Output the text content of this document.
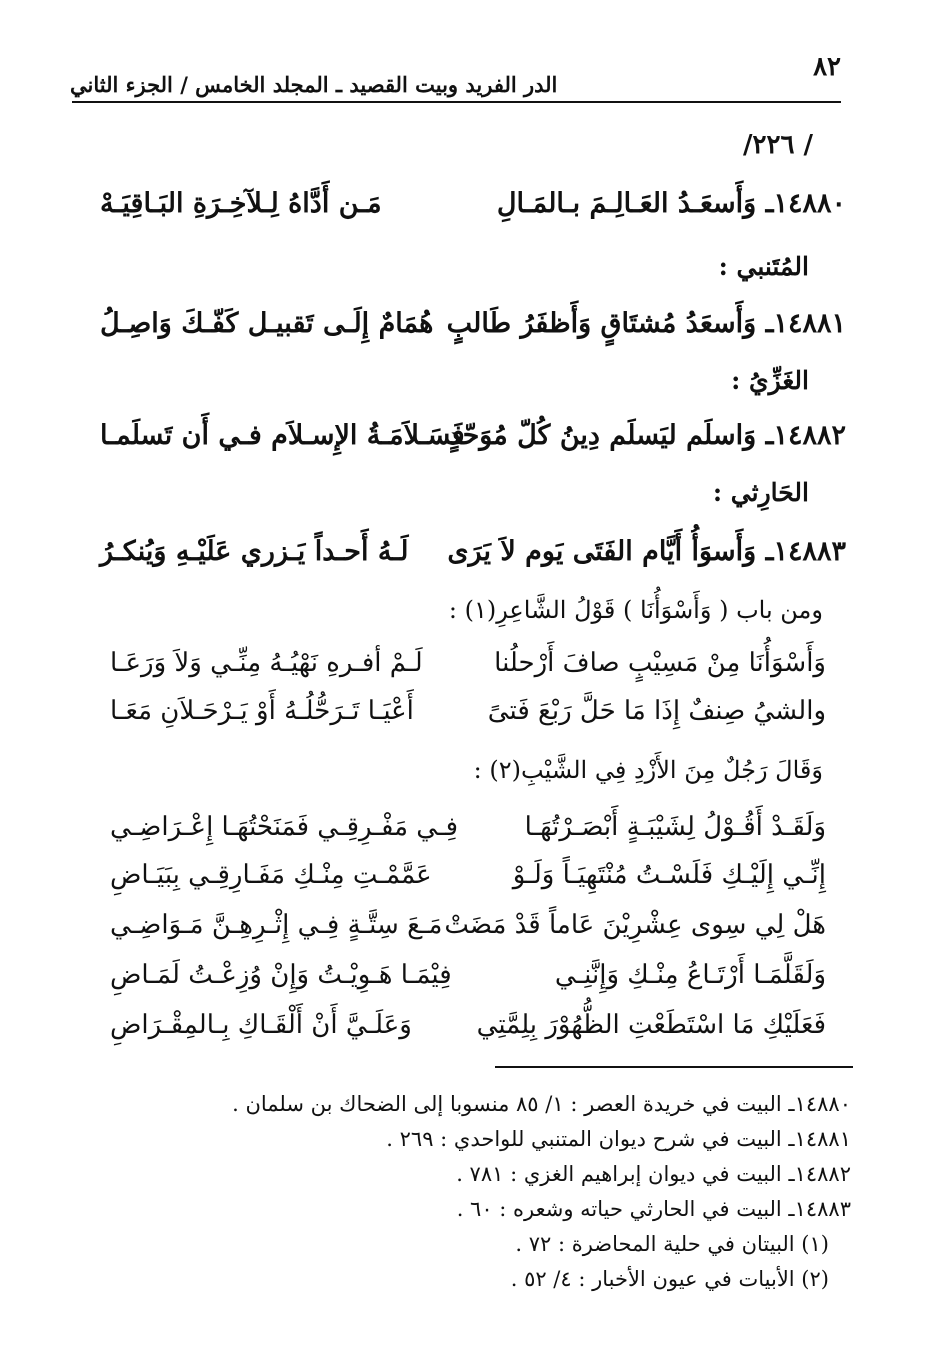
٨٢
الدر الفريد وبيت القصيد ـ المجلد الخامس / الجزء الثاني
/ ٢٢٦/
١٤٨٨٠ـ وَأَسعَـدُ العَـالِـمَ بـالمَـالِ
مَـن أَدَّاهُ لِـلآخِـرَةِ البَـاقِيَـهْ
المُتَنبي :
١٤٨٨١ـ وَأَسعَدُ مُشتَاقٍ وَأَظفَرُ طَالبٍ
هُمَامٌ إِلَـى تَقبيـل كَفّـكَ وَاصِـلُ
الغَزِّيُ :
١٤٨٨٢ـ وَاسلَم ليَسلَم دِينُ كُلّ مُوَحّدٍ
فَسَـلاَمَـةُ الإِسـلاَم فـي أَن تَسلَمـا
الحَارِثي :
١٤٨٨٣ـ وَأَسوَأُ أَيَّام الفَتَى يَوم لاَ يَرَى
لَـهُ أَحـداً يَـزري عَلَيْـهِ وَيُنكـرُ
ومن باب ( وَأَسْوَأُنَا ) قَوْلُ الشَّاعِرِ(١) :
وَأَسْوَأُنَا مِنْ مَسِيْبٍ صافَ أَرْحلُنا
لَـمْ أفـرهِ نَهْيُـهُ مِنِّـي وَلاَ وَرَعَـا
والشيُ صِنفٌ إِذَا مَا حَلَّ رَبْعَ فَتىً
أَعْيَـا تَـرَحُّلُـهُ أَوْ يَـرْحَـلاَنِ مَعَـا
وَقَالَ رَجُلٌ مِنَ الأَزْدِ فِي الشَّيْبِ(٢) :
وَلَقَـدْ أَقُـوْلُ لِشَيْبَـةٍ أَبْصَـرْتُهَـا
فِـي مَفْـرِقِـي فَمَنَحْتُهَـا إِعْـرَاضِـي
إِنِّـي إِلَيْـكِ فَلَسْـتُ مُنْتَهِيَـاً وَلَـوْ
عَمَّمْـتِ مِنْـكِ مَفَـارِقِـي بِبَيَـاضِ
هَلْ لِي سِوى عِشْرِيْنَ عَاماً قَدْ مَضَتْ
مَـعَ سِتَّـةٍ فِـي إِثْـرِهِـنَّ مَـوَاضِـي
وَلَقَلَّمَـا أَرْتَـاعُ مِنْـكِ وَإِنَّنِـي
فِيْمَـا هَـوِيْـتُ وَإِنْ وُزِعْـتُ لَمَـاضِ
فَعَلَيْكِ مَا اسْتَطَعْتِ الظُّهُوْرَ بِلِمَّتِي
وَعَلَـيَّ أَنْ أَلْقَـاكِ بِـالمِقْـرَاضِ
١٤٨٨٠ـ البيت في خريدة العصر : ١/ ٨٥ منسوبا إلى الضحاك بن سلمان .
١٤٨٨١ـ البيت في شرح ديوان المتنبي للواحدي : ٢٦٩ .
١٤٨٨٢ـ البيت في ديوان إبراهيم الغزي : ٧٨١ .
١٤٨٨٣ـ البيت في الحارثي حياته وشعره : ٦٠ .
(١) البيتان في حلية المحاضرة : ٧٢ .
(٢) الأبيات في عيون الأخبار : ٤/ ٥٢ .
